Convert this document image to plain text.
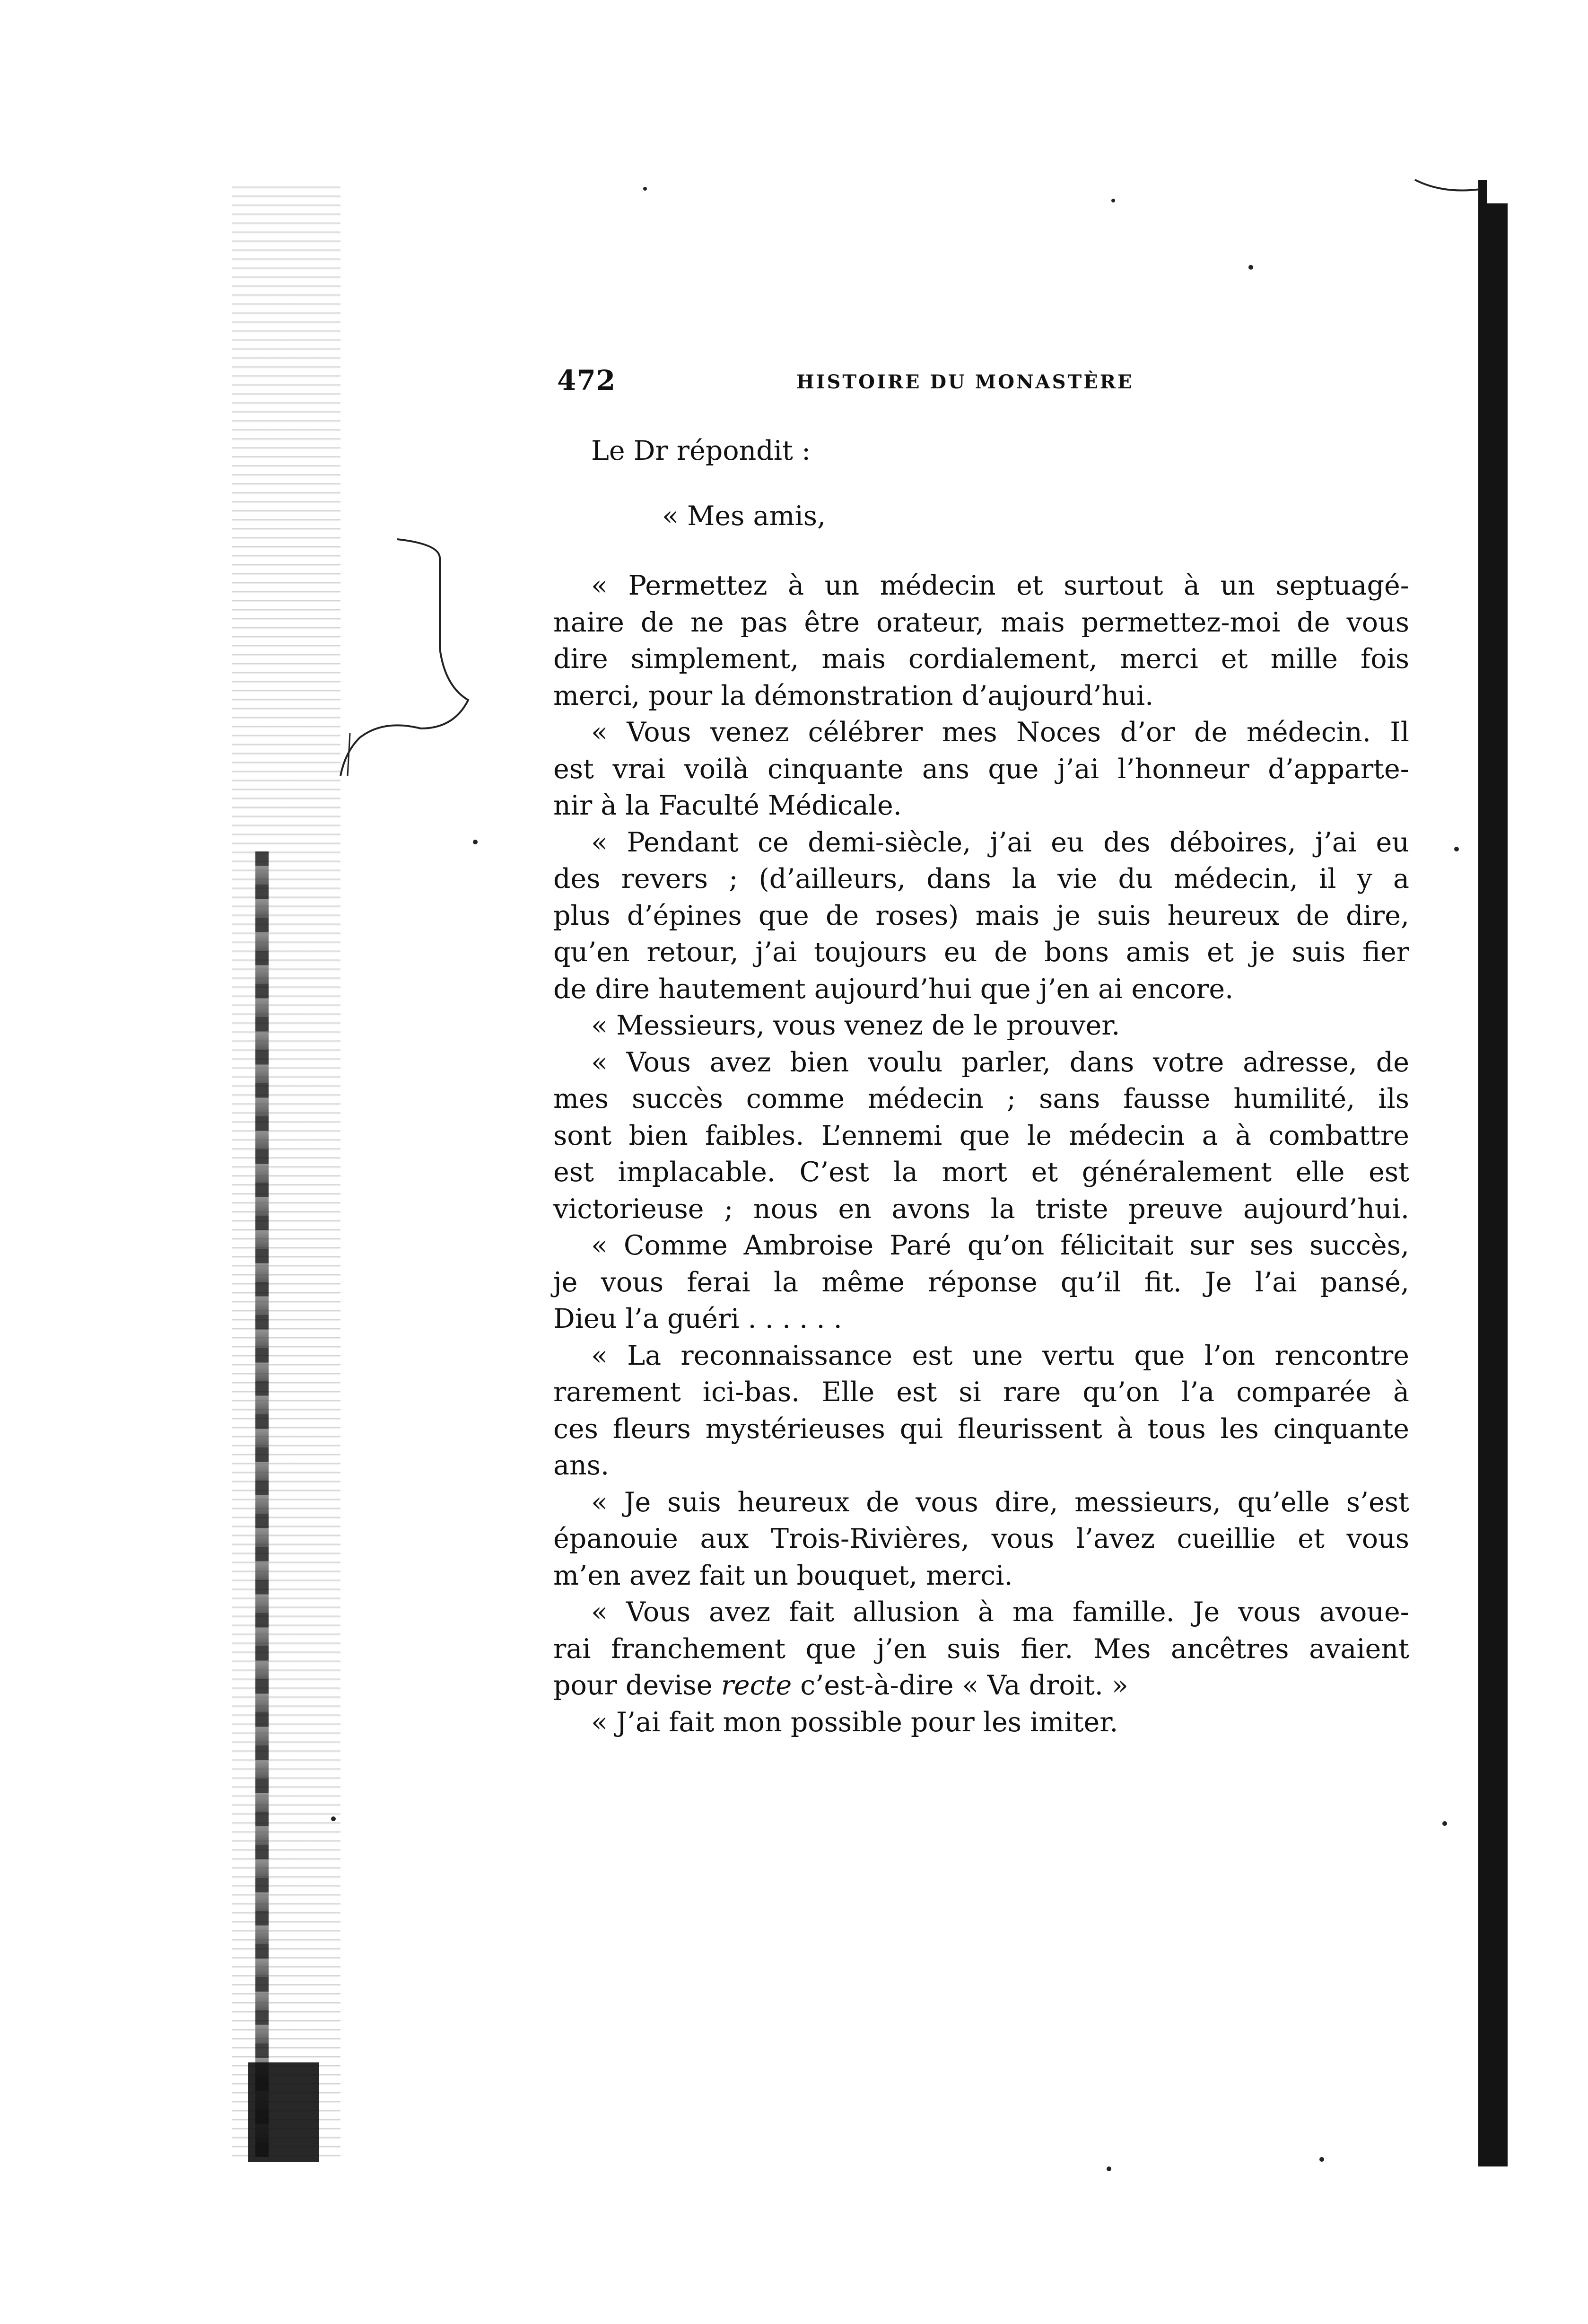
472	HISTOIRE DU MONASTÈRE
Le Dr répondit :
« Mes amis,
« Permettez à un médecin et surtout à un septuagé-
naire de ne pas être orateur, mais permettez-moi de vous
dire simplement, mais cordialement, merci et mille fois
merci, pour la démonstration d’aujourd’hui.
« Vous venez célébrer mes Noces d’or de médecin. Il
est vrai voilà cinquante ans que j’ai l’honneur d’apparte-
nir à la Faculté Médicale.
« Pendant ce demi-siècle, j’ai eu des déboires, j’ai eu
des revers ; (d’ailleurs, dans la vie du médecin, il y a
plus d’épines que de roses) mais je suis heureux de dire,
qu’en retour, j’ai toujours eu de bons amis et je suis fier
de dire hautement aujourd’hui que j’en ai encore.
« Messieurs, vous venez de le prouver.
« Vous avez bien voulu parler, dans votre adresse, de
mes succès comme médecin ; sans fausse humilité, ils
sont bien faibles. L’ennemi que le médecin a à combattre
est implacable. C’est la mort et généralement elle est
victorieuse ; nous en avons la triste preuve aujourd’hui.
« Comme Ambroise Paré qu’on félicitait sur ses succès,
je vous ferai la même réponse qu’il fit. Je l’ai pansé,
Dieu l’a guéri . . . . . .
« La reconnaissance est une vertu que l’on rencontre
rarement ici-bas. Elle est si rare qu’on l’a comparée à
ces fleurs mystérieuses qui fleurissent à tous les cinquante
ans.
« Je suis heureux de vous dire, messieurs, qu’elle s’est
épanouie aux Trois-Rivières, vous l’avez cueillie et vous
m’en avez fait un bouquet, merci.
« Vous avez fait allusion à ma famille. Je vous avoue-
rai franchement que j’en suis fier. Mes ancêtres avaient
pour devise recte c’est-à-dire « Va droit. »
« J’ai fait mon possible pour les imiter.
